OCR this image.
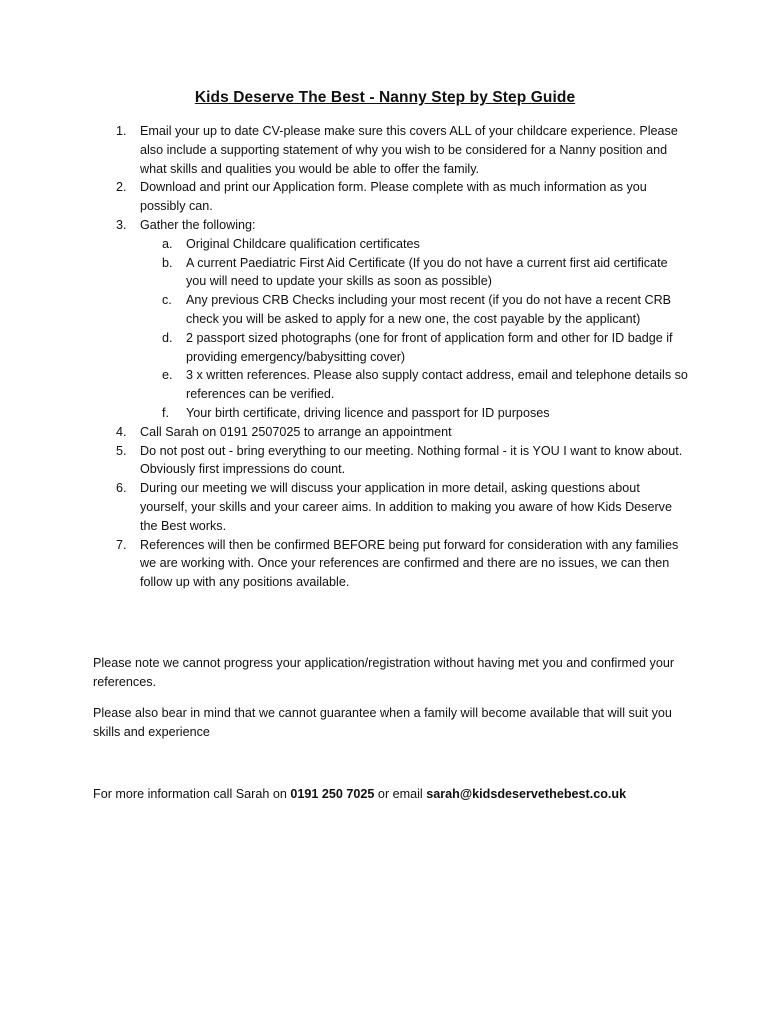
Kids Deserve The Best - Nanny Step by Step Guide
1. Email your up to date CV-please make sure this covers ALL of your childcare experience. Please also include a supporting statement of why you wish to be considered for a Nanny position and what skills and qualities you would be able to offer the family.
2. Download and print our Application form. Please complete with as much information as you possibly can.
3. Gather the following:
a. Original Childcare qualification certificates
b. A current Paediatric First Aid Certificate (If you do not have a current first aid certificate you will need to update your skills as soon as possible)
c. Any previous CRB Checks including your most recent (if you do not have a recent CRB check you will be asked to apply for a new one, the cost payable by the applicant)
d. 2 passport sized photographs (one for front of application form and other for ID badge if providing emergency/babysitting cover)
e. 3 x written references. Please also supply contact address, email and telephone details so references can be verified.
f. Your birth certificate, driving licence and passport for ID purposes
4. Call Sarah on 0191 2507025 to arrange an appointment
5. Do not post out - bring everything to our meeting. Nothing formal - it is YOU I want to know about. Obviously first impressions do count.
6. During our meeting we will discuss your application in more detail, asking questions about yourself, your skills and your career aims. In addition to making you aware of how Kids Deserve the Best works.
7. References will then be confirmed BEFORE being put forward for consideration with any families we are working with. Once your references are confirmed and there are no issues, we can then follow up with any positions available.
Please note we cannot progress your application/registration without having met you and confirmed your references.
Please also bear in mind that we cannot guarantee when a family will become available that will suit you skills and experience
For more information call Sarah on 0191 250 7025 or email sarah@kidsdeservethebest.co.uk
